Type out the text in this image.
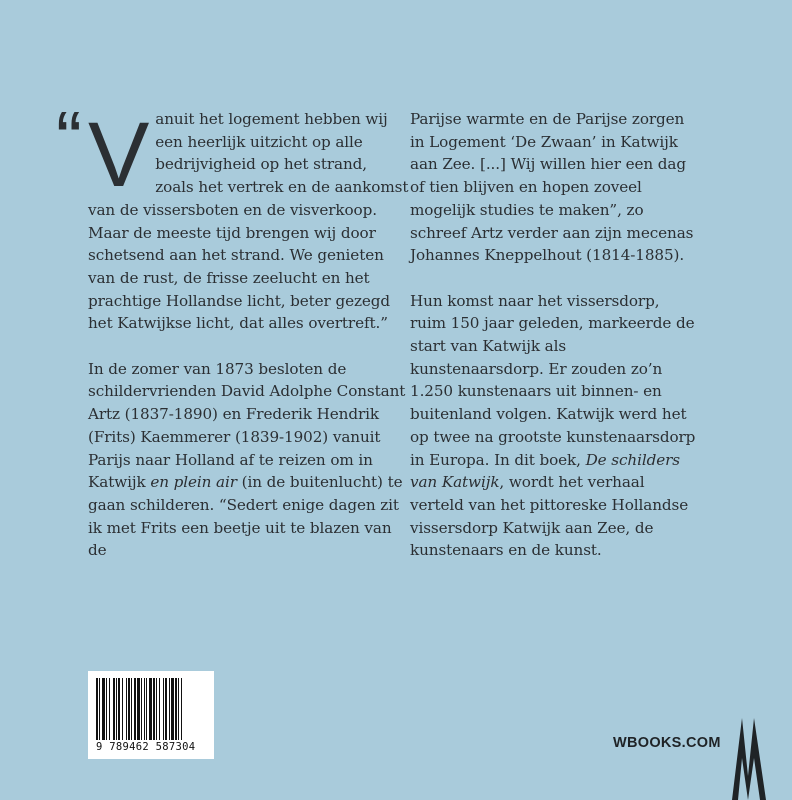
“ Vanuit het logement hebben wij een heerlijk uitzicht op alle bedrijvigheid op het strand, zoals het vertrek en de aankomst van de vissersboten en de visverkoop. Maar de meeste tijd brengen wij door schetsend aan het strand. We genieten van de rust, de frisse zeelucht en het prachtige Hollandse licht, beter gezegd het Katwijkse licht, dat alles overtreft.”

In de zomer van 1873 besloten de schildervrienden David Adolphe Constant Artz (1837-1890) en Frederik Hendrik (Frits) Kaemmerer (1839-1902) vanuit Parijs naar Holland af te reizen om in Katwijk en plein air (in de buitenlucht) te gaan schilderen. “Sedert enige dagen zit ik met Frits een beetje uit te blazen van de

Parijse warmte en de Parijse zorgen in Logement ‘De Zwaan’ in Katwijk aan Zee. [...] Wij willen hier een dag of tien blijven en hopen zoveel mogelijk studies te maken”, zo schreef Artz verder aan zijn mecenas Johannes Kneppelhout (1814-1885).

Hun komst naar het vissersdorp, ruim 150 jaar geleden, markeerde de start van Katwijk als kunstenaarsdorp. Er zouden zo’n 1.250 kunstenaars uit binnen- en buitenland volgen. Katwijk werd het op twee na grootste kunstenaarsdorp in Europa. In dit boek, De schilders van Katwijk, wordt het verhaal verteld van het pittoreske Hollandse vissersdorp Katwijk aan Zee, de kunstenaars en de kunst.

9 789462 587304	WBOOKS.COM
